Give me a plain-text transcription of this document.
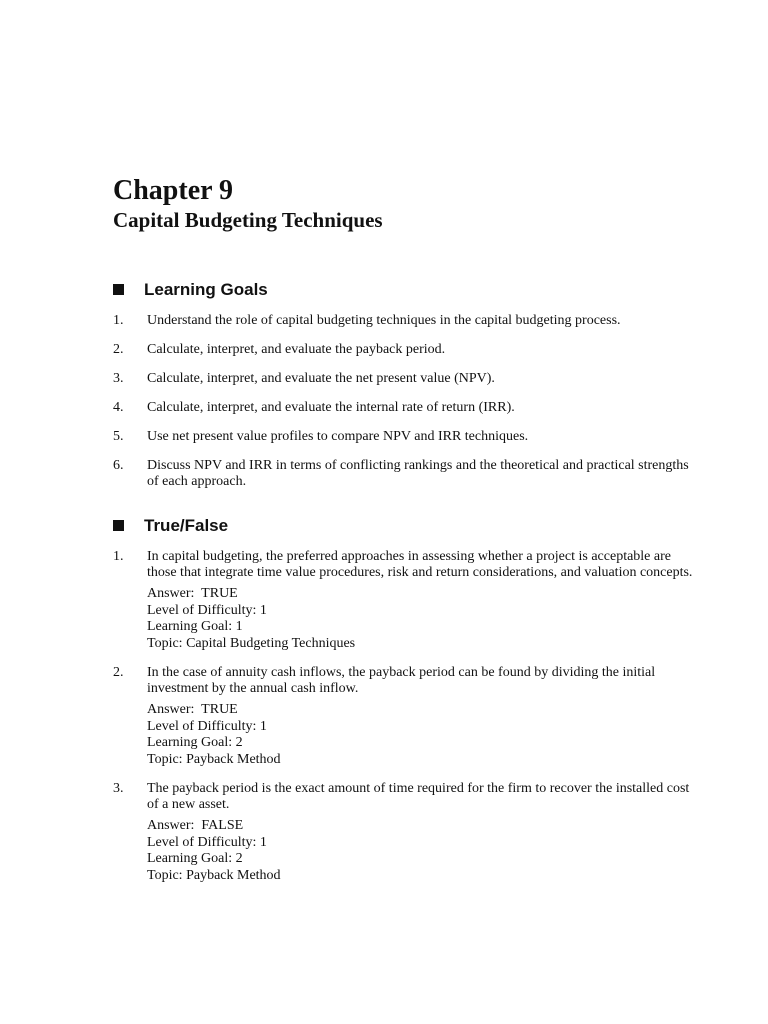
Chapter 9
Capital Budgeting Techniques
Learning Goals
1.	Understand the role of capital budgeting techniques in the capital budgeting process.
2.	Calculate, interpret, and evaluate the payback period.
3.	Calculate, interpret, and evaluate the net present value (NPV).
4.	Calculate, interpret, and evaluate the internal rate of return (IRR).
5.	Use net present value profiles to compare NPV and IRR techniques.
6.	Discuss NPV and IRR in terms of conflicting rankings and the theoretical and practical strengths of each approach.
True/False
1.	In capital budgeting, the preferred approaches in assessing whether a project is acceptable are those that integrate time value procedures, risk and return considerations, and valuation concepts.
Answer:  TRUE
Level of Difficulty: 1
Learning Goal: 1
Topic: Capital Budgeting Techniques
2.	In the case of annuity cash inflows, the payback period can be found by dividing the initial investment by the annual cash inflow.
Answer:  TRUE
Level of Difficulty: 1
Learning Goal: 2
Topic: Payback Method
3.	The payback period is the exact amount of time required for the firm to recover the installed cost of a new asset.
Answer:  FALSE
Level of Difficulty: 1
Learning Goal: 2
Topic: Payback Method
